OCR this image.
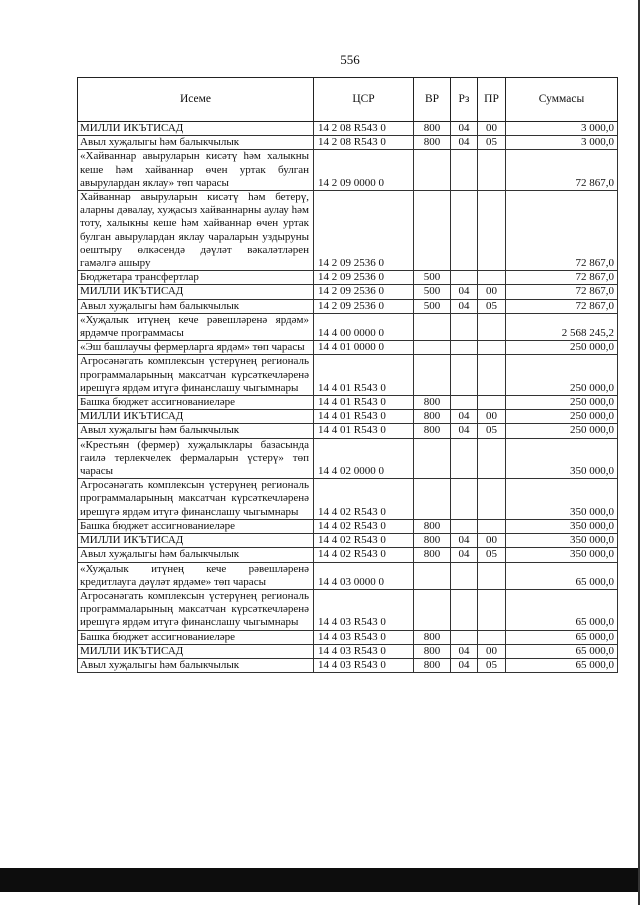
556
Исеме	ЦСР	ВР	Рз	ПР	Суммасы
МИЛЛИ ИКЪТИСАД	14 2 08 R543 0	800	04	00	3 000,0
Авыл хуҗалыгы һәм балыкчылык	14 2 08 R543 0	800	04	05	3 000,0
«Хайваннар авыруларын кисәтү һәм халыкны кеше һәм хайваннар өчен уртак булган авырулардан яклау» төп чарасы	14 2 09 0000 0				72 867,0
Хайваннар авыруларын кисәтү һәм бетерү, аларны дәвалау, хуҗасыз хайваннарны аулау һәм тоту, халыкны кеше һәм хайваннар өчен уртак булган авырулардан яклау чараларын уздыруны оештыру өлкәсендә дәүләт вәкаләтләрен гамәлгә ашыру	14 2 09 2536 0				72 867,0
Бюджетара трансфертлар	14 2 09 2536 0	500			72 867,0
МИЛЛИ ИКЪТИСАД	14 2 09 2536 0	500	04	00	72 867,0
Авыл хуҗалыгы һәм балыкчылык	14 2 09 2536 0	500	04	05	72 867,0
«Хуҗалык итүнең кече рәвешләренә ярдәм» ярдәмче программасы	14 4 00 0000 0				2 568 245,2
«Эш башлаучы фермерларга ярдәм» төп чарасы	14 4 01 0000 0				250 000,0
Агросәнәгать комплексын үстерүнең региональ программаларының максатчан күрсәткечләренә ирешүгә ярдәм итүгә финанслашу чыгымнары	14 4 01 R543 0				250 000,0
Башка бюджет ассигнованиеләре	14 4 01 R543 0	800			250 000,0
МИЛЛИ ИКЪТИСАД	14 4 01 R543 0	800	04	00	250 000,0
Авыл хуҗалыгы һәм балыкчылык	14 4 01 R543 0	800	04	05	250 000,0
«Крестьян (фермер) хуҗалыклары базасында гаилә терлекчелек фермаларын үстерү» төп чарасы	14 4 02 0000 0				350 000,0
Агросәнәгать комплексын үстерүнең региональ программаларының максатчан күрсәткечләренә ирешүгә ярдәм итүгә финанслашу чыгымнары	14 4 02 R543 0				350 000,0
Башка бюджет ассигнованиеләре	14 4 02 R543 0	800			350 000,0
МИЛЛИ ИКЪТИСАД	14 4 02 R543 0	800	04	00	350 000,0
Авыл хуҗалыгы һәм балыкчылык	14 4 02 R543 0	800	04	05	350 000,0
«Хуҗалык итүнең кече рәвешләренә кредитлауга дәүләт ярдәме» төп чарасы	14 4 03 0000 0				65 000,0
Агросәнәгать комплексын үстерүнең региональ программаларының максатчан күрсәткечләренә ирешүгә ярдәм итүгә финанслашу чыгымнары	14 4 03 R543 0				65 000,0
Башка бюджет ассигнованиеләре	14 4 03 R543 0	800			65 000,0
МИЛЛИ ИКЪТИСАД	14 4 03 R543 0	800	04	00	65 000,0
Авыл хуҗалыгы һәм балыкчылык	14 4 03 R543 0	800	04	05	65 000,0
